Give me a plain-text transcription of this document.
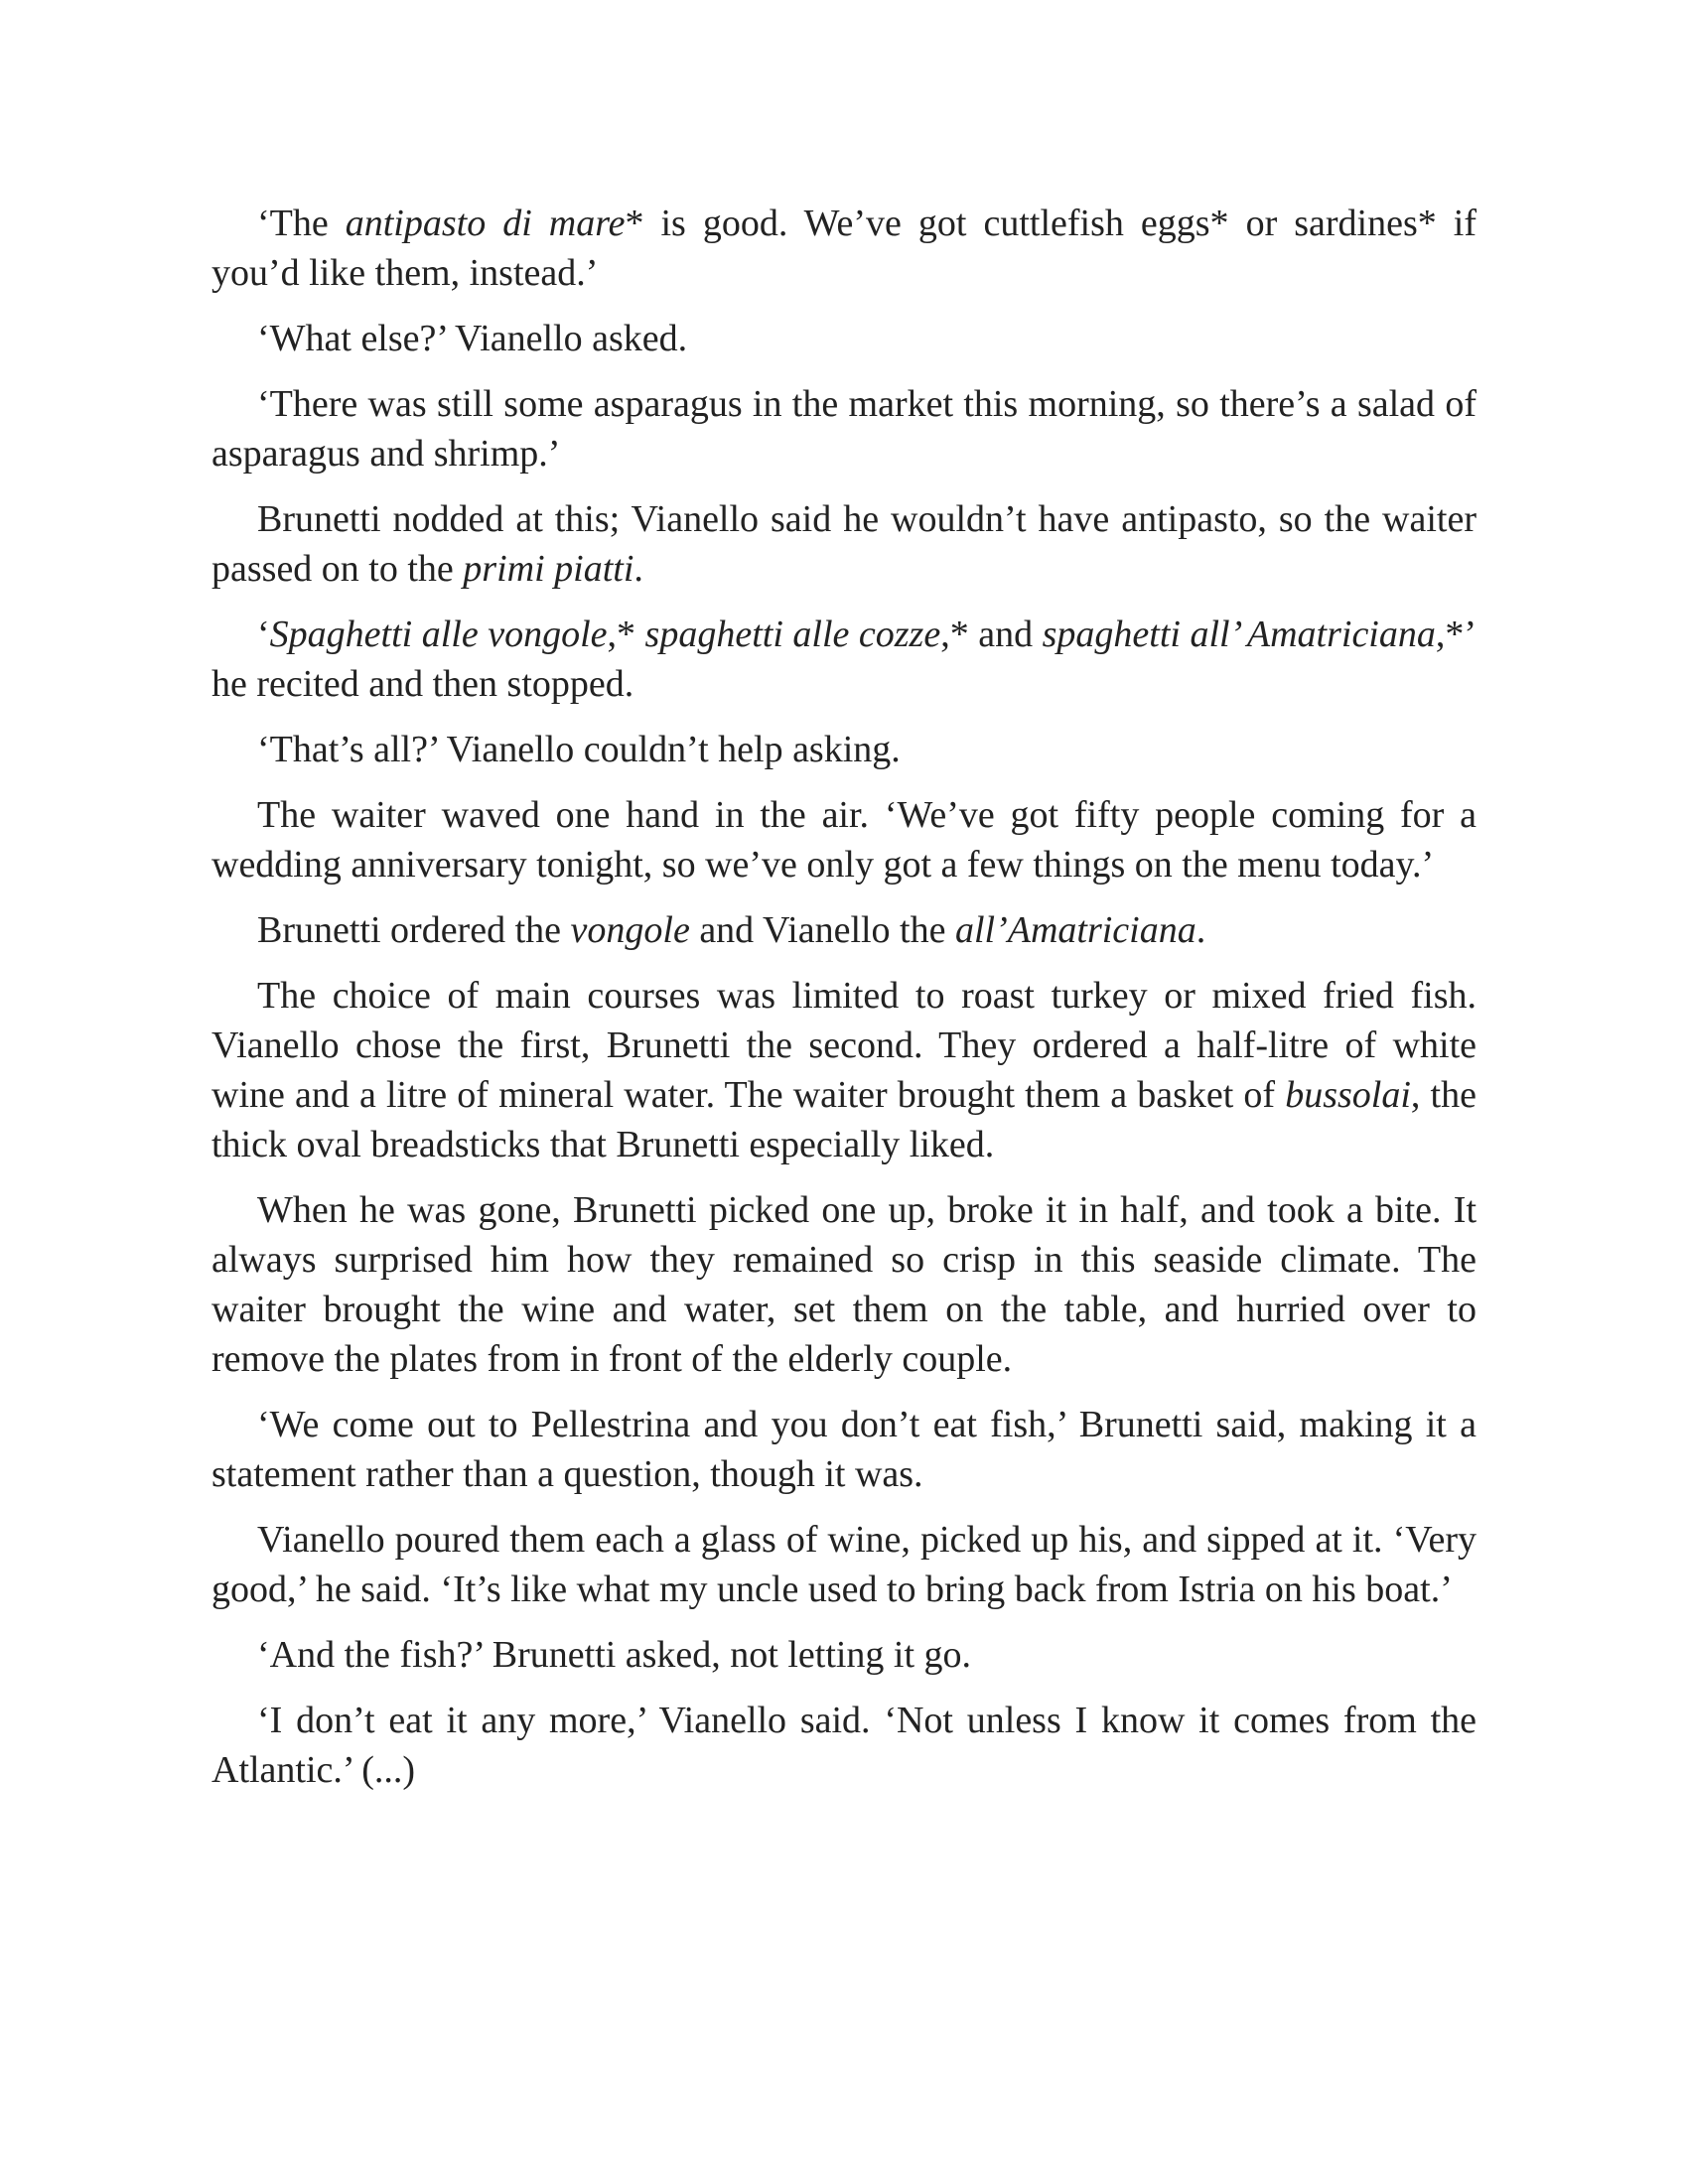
‘The antipasto di mare* is good. We’ve got cuttlefish eggs* or sardines* if you’d like them, instead.’

‘What else?’ Vianello asked.

‘There was still some asparagus in the market this morning, so there’s a salad of asparagus and shrimp.’

Brunetti nodded at this; Vianello said he wouldn’t have antipasto, so the waiter passed on to the primi piatti.

‘Spaghetti alle vongole,* spaghetti alle cozze,* and spaghetti all’ Amatriciana,*’ he recited and then stopped.

‘That’s all?’ Vianello couldn’t help asking.

The waiter waved one hand in the air. ‘We’ve got fifty people coming for a wedding anniversary tonight, so we’ve only got a few things on the menu today.’

Brunetti ordered the vongole and Vianello the all’Amatriciana.

The choice of main courses was limited to roast turkey or mixed fried fish. Vianello chose the first, Brunetti the second. They ordered a half-litre of white wine and a litre of mineral water. The waiter brought them a basket of bussolai, the thick oval breadsticks that Brunetti especially liked.

When he was gone, Brunetti picked one up, broke it in half, and took a bite. It always surprised him how they remained so crisp in this seaside climate. The waiter brought the wine and water, set them on the table, and hurried over to remove the plates from in front of the elderly couple.

‘We come out to Pellestrina and you don’t eat fish,’ Brunetti said, making it a statement rather than a question, though it was.

Vianello poured them each a glass of wine, picked up his, and sipped at it. ‘Very good,’ he said. ‘It’s like what my uncle used to bring back from Istria on his boat.’

‘And the fish?’ Brunetti asked, not letting it go.

‘I don’t eat it any more,’ Vianello said. ‘Not unless I know it comes from the Atlantic.’ (...)
